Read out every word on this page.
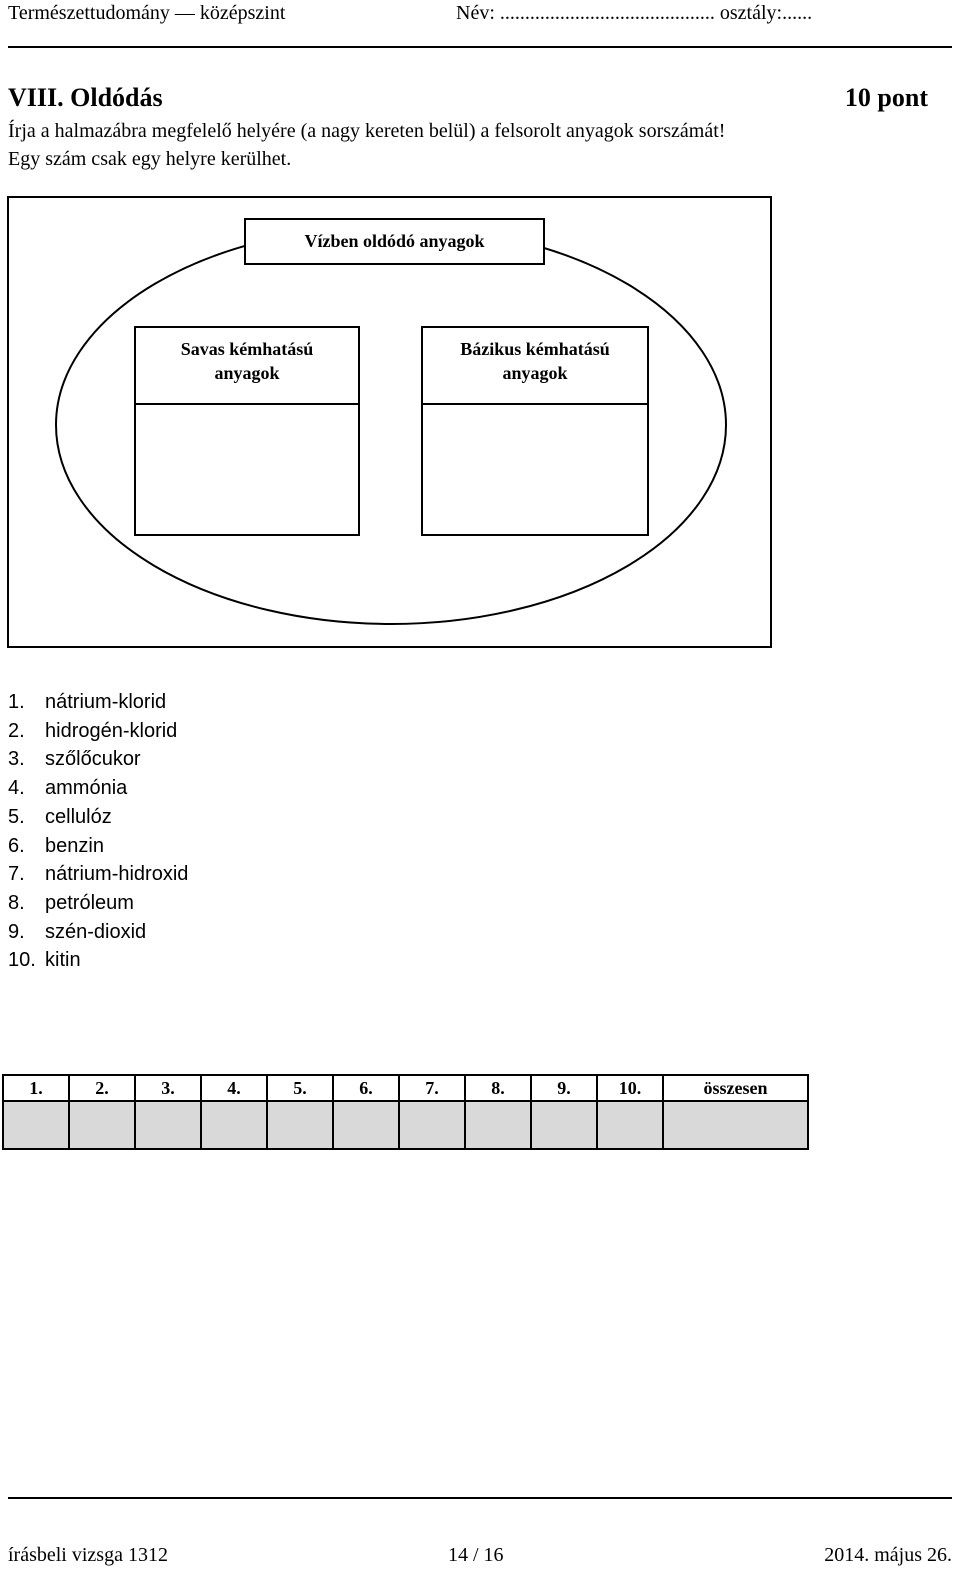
Természettudomány — középszint	Név: ........................................... osztály:......
VIII. Oldódás	10 pont

Írja a halmazábra megfelelő helyére (a nagy kereten belül) a felsorolt anyagok sorszámát!

Egy szám csak egy helyre kerülhet.

Vízben oldódó anyagok
Savas kémhatású
anyagok
Bázikus kémhatású
anyagok
1. nátrium-klorid
2. hidrogén-klorid
3. szőlőcukor
4. ammónia
5. cellulóz
6. benzin
7. nátrium-hidroxid
8. petróleum
9. szén-dioxid
10. kitin
1.	2.	3.	4.	5.	6.	7.	8.	9.	10.	összesen

írásbeli vizsga 1312	14 / 16	2014. május 26.
